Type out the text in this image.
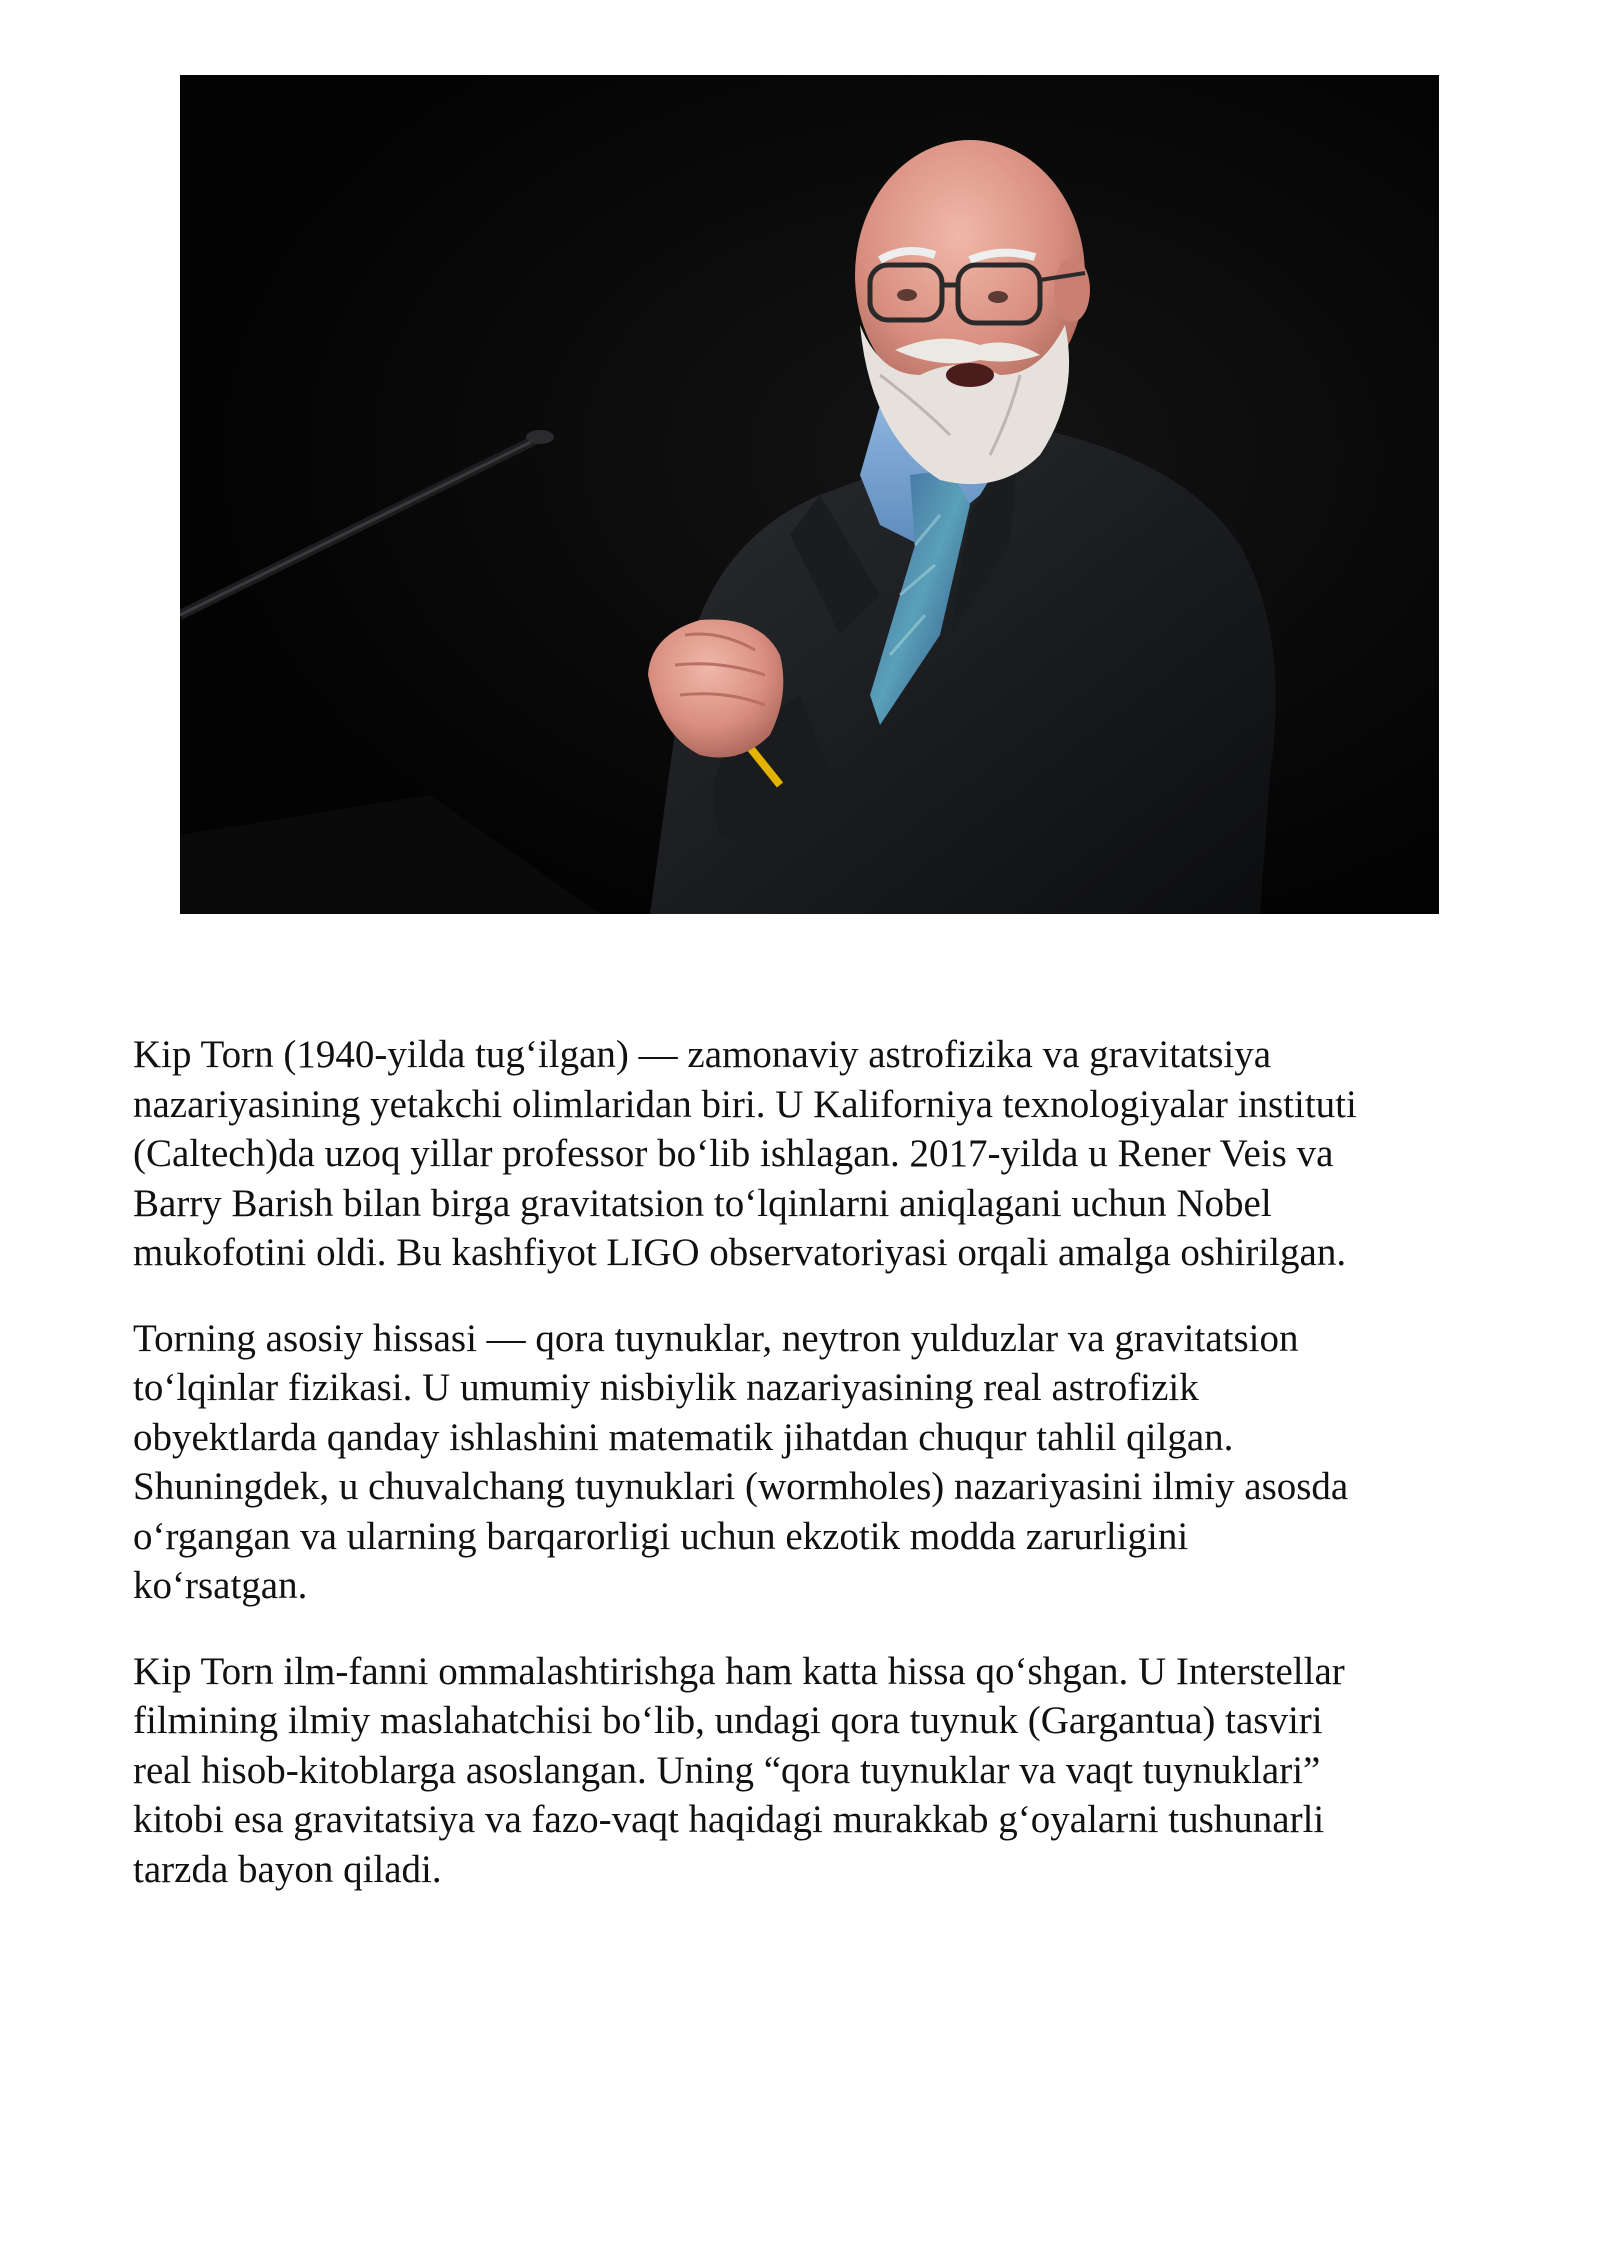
Kip Torn (1940-yilda tug‘ilgan) — zamonaviy astrofizika va gravitatsiya
nazariyasining yetakchi olimlaridan biri. U Kaliforniya texnologiyalar instituti
(Caltech)da uzoq yillar professor bo‘lib ishlagan. 2017-yilda u Rener Veis va
Barry Barish bilan birga gravitatsion to‘lqinlarni aniqlagani uchun Nobel
mukofotini oldi. Bu kashfiyot LIGO observatoriyasi orqali amalga oshirilgan.

Torning asosiy hissasi — qora tuynuklar, neytron yulduzlar va gravitatsion
to‘lqinlar fizikasi. U umumiy nisbiylik nazariyasining real astrofizik
obyektlarda qanday ishlashini matematik jihatdan chuqur tahlil qilgan.
Shuningdek, u chuvalchang tuynuklari (wormholes) nazariyasini ilmiy asosda
o‘rgangan va ularning barqarorligi uchun ekzotik modda zarurligini
ko‘rsatgan.

Kip Torn ilm-fanni ommalashtirishga ham katta hissa qo‘shgan. U Interstellar
filmining ilmiy maslahatchisi bo‘lib, undagi qora tuynuk (Gargantua) tasviri
real hisob-kitoblarga asoslangan. Uning “qora tuynuklar va vaqt tuynuklari”
kitobi esa gravitatsiya va fazo-vaqt haqidagi murakkab g‘oyalarni tushunarli
tarzda bayon qiladi.
